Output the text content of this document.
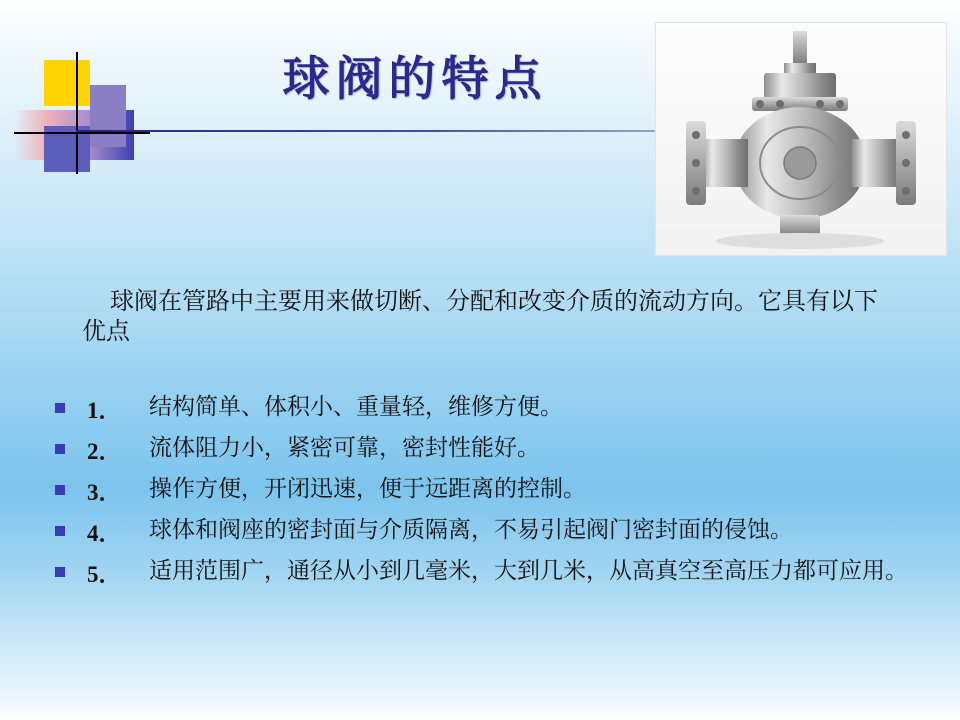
球阀的特点
球阀在管路中主要用来做切断、分配和改变介质的流动方向。它具有以下优点
1．	结构简单、体积小、重量轻，维修方便。
2．	流体阻力小，紧密可靠，密封性能好。
3．	操作方便，开闭迅速，便于远距离的控制。
4．	球体和阀座的密封面与介质隔离，不易引起阀门密封面的侵蚀。
5．	适用范围广，通径从小到几毫米，大到几米，从高真空至高压力都可应用。
